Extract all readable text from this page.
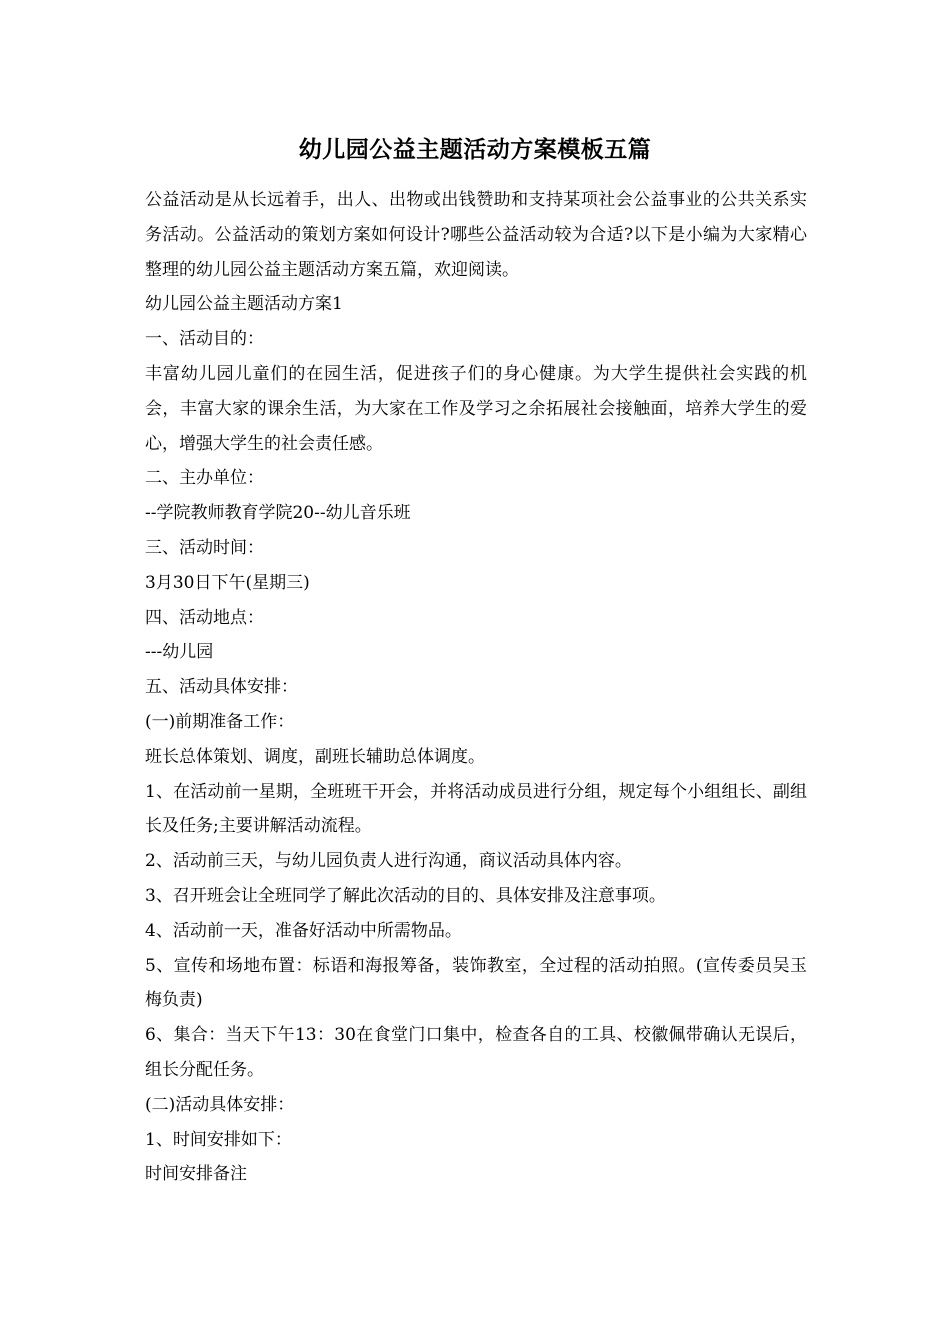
幼儿园公益主题活动方案模板五篇

公益活动是从长远着手，出人、出物或出钱赞助和支持某项社会公益事业的公共关系实务活动。公益活动的策划方案如何设计?哪些公益活动较为合适?以下是小编为大家精心整理的幼儿园公益主题活动方案五篇，欢迎阅读。

幼儿园公益主题活动方案1

一、活动目的：

丰富幼儿园儿童们的在园生活，促进孩子们的身心健康。为大学生提供社会实践的机会，丰富大家的课余生活，为大家在工作及学习之余拓展社会接触面，培养大学生的爱心，增强大学生的社会责任感。

二、主办单位：

--学院教师教育学院20--幼儿音乐班

三、活动时间：

3月30日下午(星期三)

四、活动地点：

---幼儿园

五、活动具体安排：

(一)前期准备工作：

班长总体策划、调度，副班长辅助总体调度。

1、在活动前一星期，全班班干开会，并将活动成员进行分组，规定每个小组组长、副组长及任务;主要讲解活动流程。

2、活动前三天，与幼儿园负责人进行沟通，商议活动具体内容。

3、召开班会让全班同学了解此次活动的目的、具体安排及注意事项。

4、活动前一天，准备好活动中所需物品。

5、宣传和场地布置：标语和海报筹备，装饰教室，全过程的活动拍照。(宣传委员吴玉梅负责)

6、集合：当天下午13：30在食堂门口集中，检查各自的工具、校徽佩带确认无误后，组长分配任务。

(二)活动具体安排：

1、时间安排如下：

时间安排备注
